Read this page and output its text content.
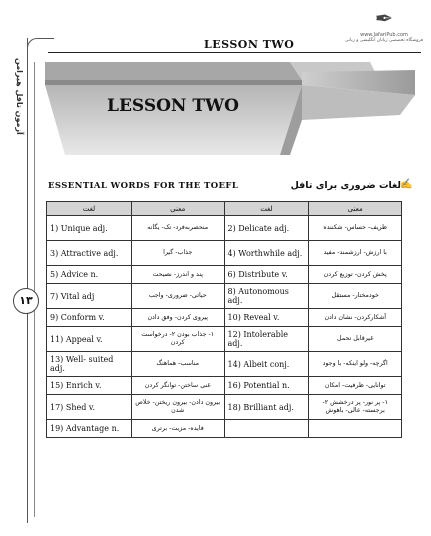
✒
www.JafariPub.com
فروشگاه تخصصی زبانان انگلیسی و زبانی
LESSON TWO
آزمون تافل هیرامن
۱۳
LESSON TWO
ESSENTIAL WORDS FOR THE TOEFL	لغات ضروری برای تافل ✍
لغت	معنی	لغت	معنی
1) Unique adj.	منحصربه‌فرد- تک- یگانه	2) Delicate adj.	ظریف- حساس- شکننده
3) Attractive adj.	جذاب- گیرا	4) Worthwhile adj.	با ارزش- ارزشمند- مفید
5) Advice n.	پند و اندرز- نصیحت	6) Distribute v.	پخش کردن- توزیع کردن
7) Vital adj	حیاتی- ضروری- واجب	8) Autonomous adj.	خودمختار- مستقل
9) Conform v.	پیروی کردن- وفق دادن	10) Reveal v.	آشکارکردن- نشان دادن
11) Appeal v.	۱- جذاب بودن ۲- درخواست کردن	12) Intolerable adj.	غیرقابل تحمل
13) Well- suited adj.	مناسب- هماهنگ	14) Albeit conj.	اگرچه- ولو اینکه- با وجود
15) Enrich v.	غنی ساختن- توانگر کردن	16) Potential n.	توانایی- ظرفیت- امکان
17) Shed v.	بیرون دادن- بیرون ریختن- خلاص شدن	18) Brilliant adj.	۱- پر نور- پر درخشش ۲- برجسته- عالی- باهوش
19) Advantage n.	فایده- مزیت- برتری		
